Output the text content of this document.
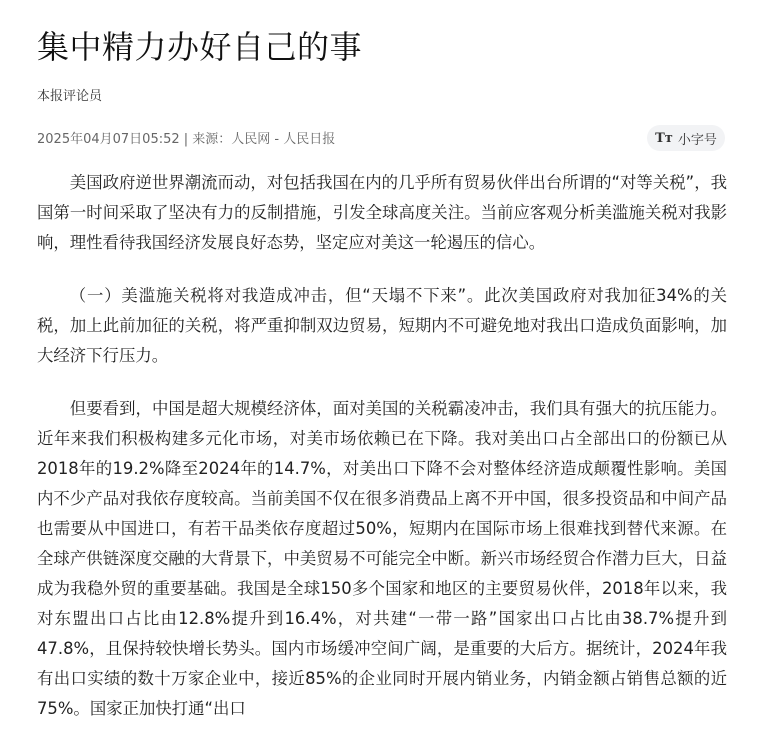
集中精力办好自己的事
本报评论员
2025年04月07日05:52 | 来源：人民网 - 人民日报	Tт 小字号

美国政府逆世界潮流而动，对包括我国在内的几乎所有贸易伙伴出台所谓的“对等关税”，我国第一时间采取了坚决有力的反制措施，引发全球高度关注。当前应客观分析美滥施关税对我影响，理性看待我国经济发展良好态势，坚定应对美这一轮遏压的信心。

（一）美滥施关税将对我造成冲击，但“天塌不下来”。此次美国政府对我加征34%的关税，加上此前加征的关税，将严重抑制双边贸易，短期内不可避免地对我出口造成负面影响，加大经济下行压力。

但要看到，中国是超大规模经济体，面对美国的关税霸凌冲击，我们具有强大的抗压能力。近年来我们积极构建多元化市场，对美市场依赖已在下降。我对美出口占全部出口的份额已从2018年的19.2%降至2024年的14.7%，对美出口下降不会对整体经济造成颠覆性影响。美国内不少产品对我依存度较高。当前美国不仅在很多消费品上离不开中国，很多投资品和中间产品也需要从中国进口，有若干品类依存度超过50%，短期内在国际市场上很难找到替代来源。在全球产供链深度交融的大背景下，中美贸易不可能完全中断。新兴市场经贸合作潜力巨大，日益成为我稳外贸的重要基础。我国是全球150多个国家和地区的主要贸易伙伴，2018年以来，我对东盟出口占比由12.8%提升到16.4%，对共建“一带一路”国家出口占比由38.7%提升到47.8%，且保持较快增长势头。国内市场缓冲空间广阔，是重要的大后方。据统计，2024年我有出口实绩的数十万家企业中，接近85%的企业同时开展内销业务，内销金额占销售总额的近75%。国家正加快打通“出口
